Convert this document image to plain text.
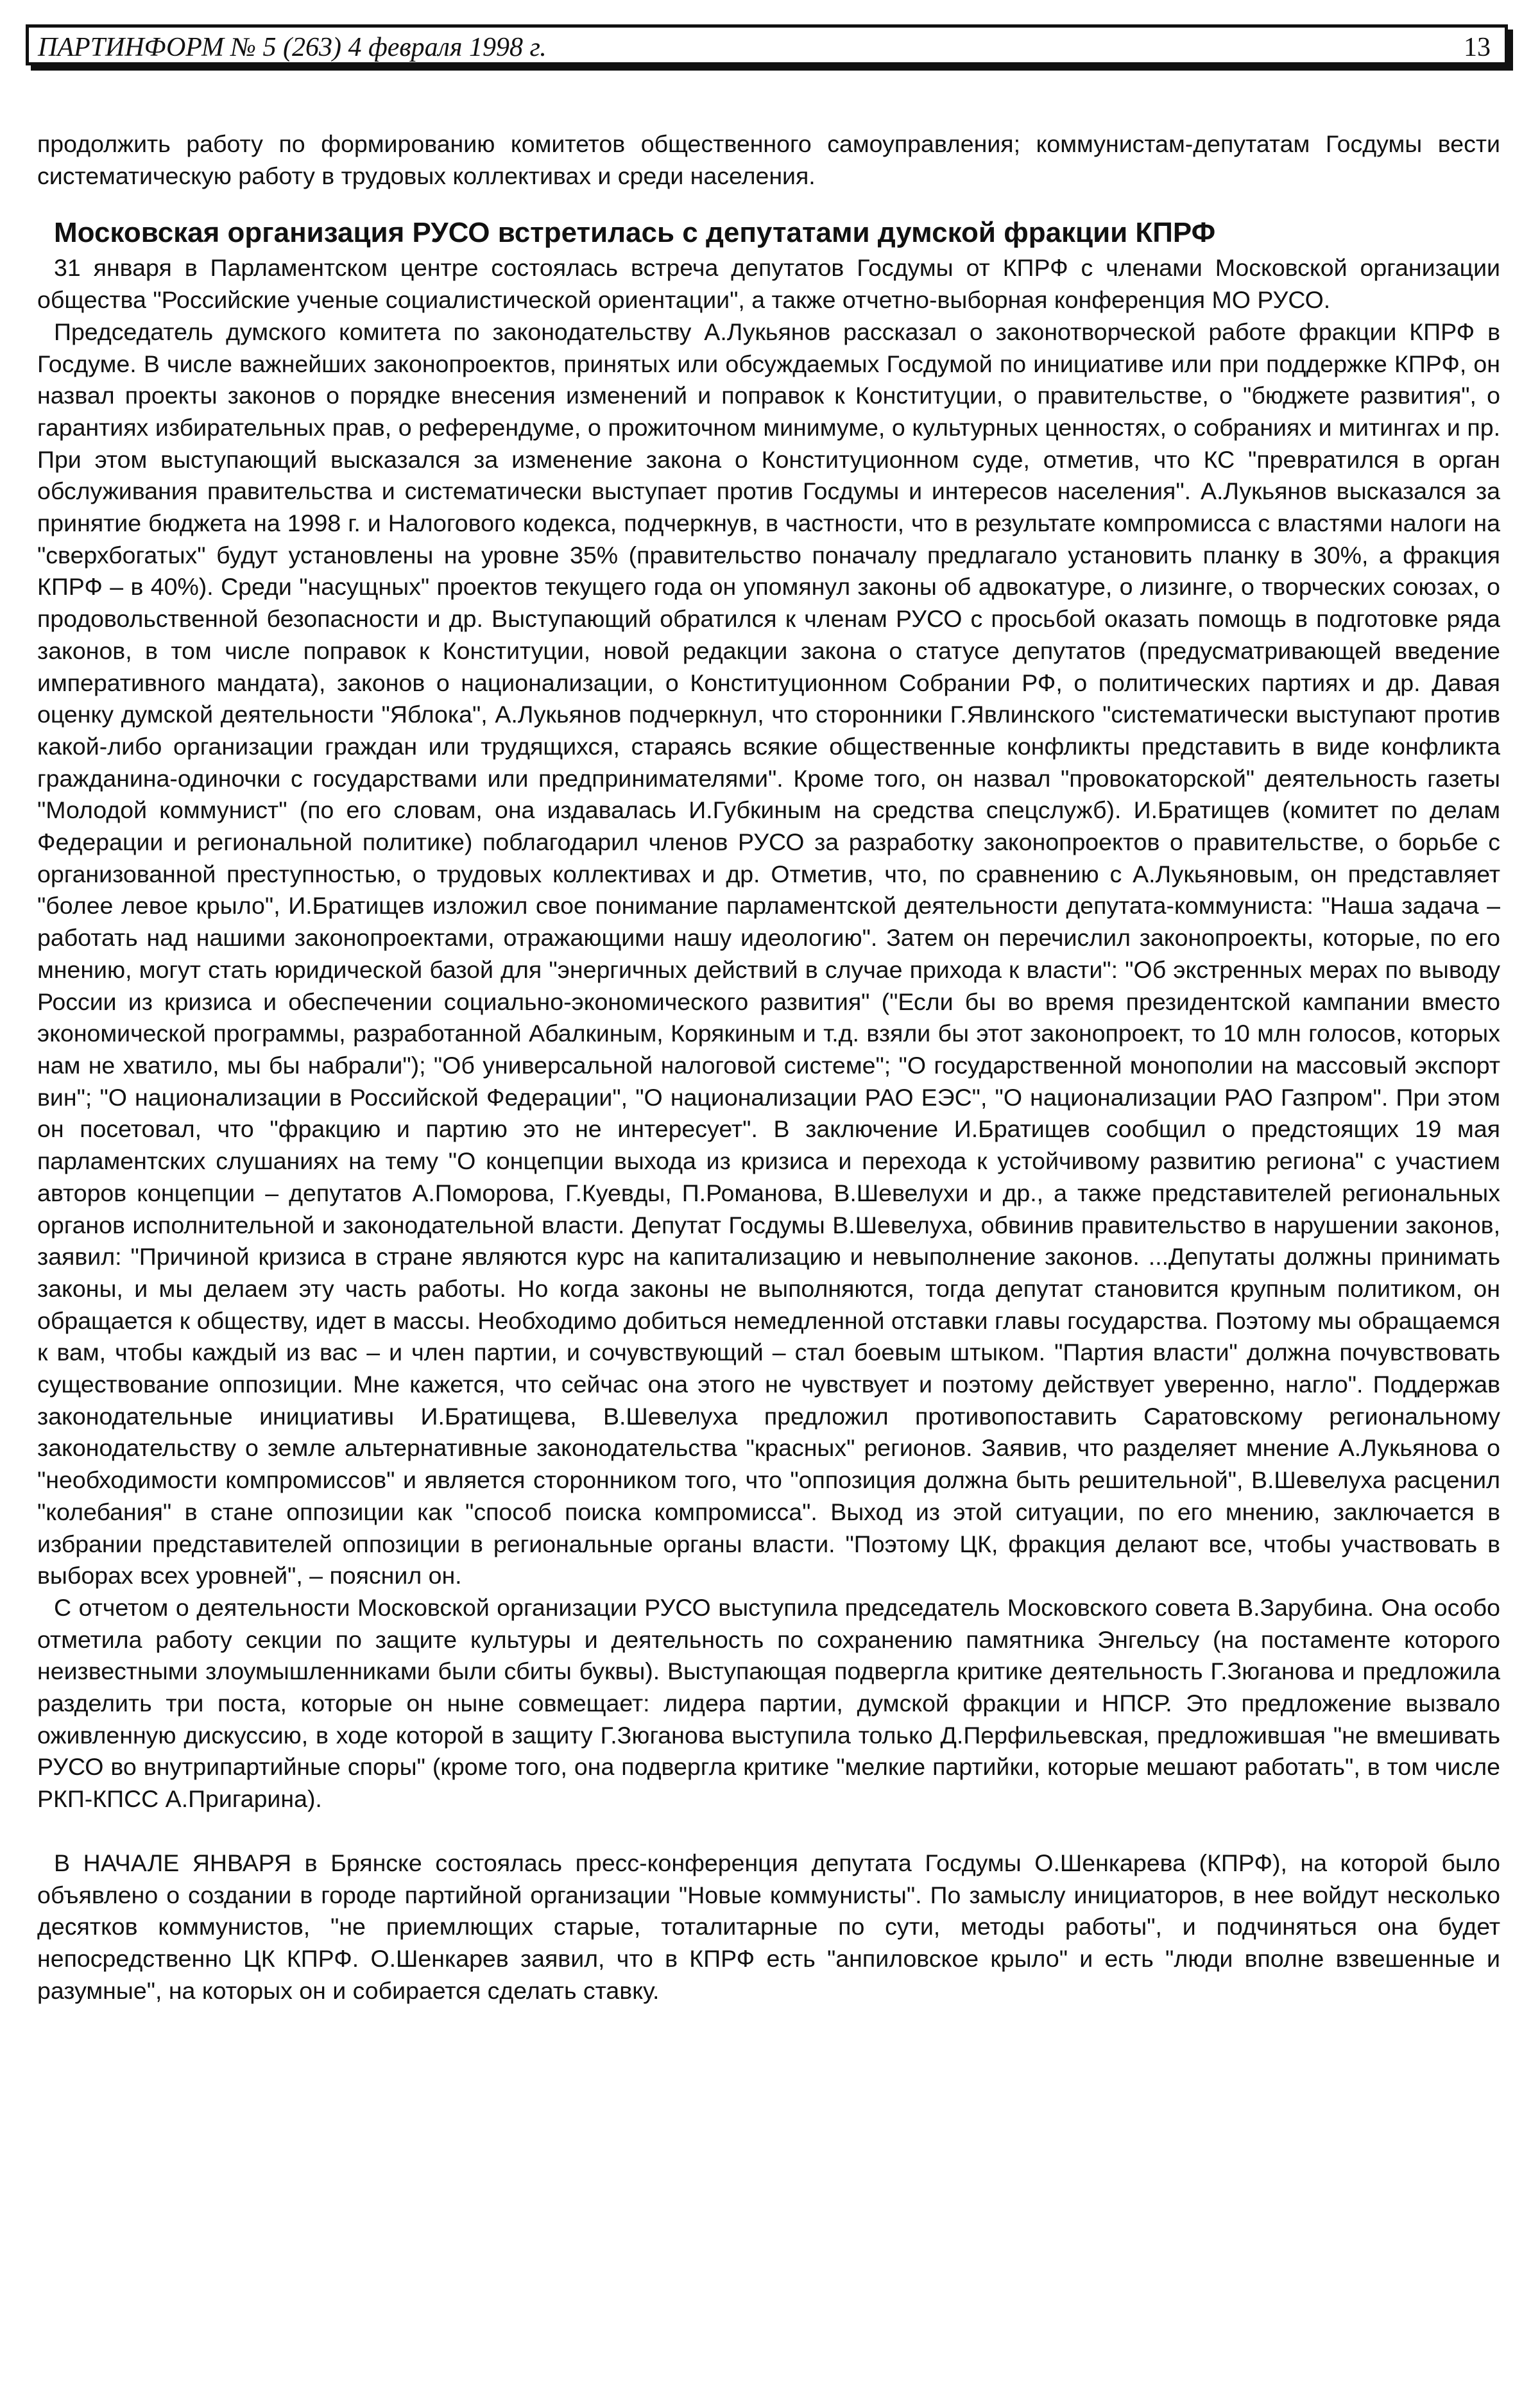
ПАРТИНФОРМ № 5 (263) 4 февраля 1998 г.	13

продолжить работу по формированию комитетов общественного самоуправления; коммунистам-депутатам Госдумы вести систематическую работу в трудовых коллективах и среди населения.

Московская организация РУСО встретилась с депутатами думской фракции КПРФ

31 января в Парламентском центре состоялась встреча депутатов Госдумы от КПРФ с членами Московской организации общества "Российские ученые социалистической ориентации", а также отчетно-выборная конференция МО РУСО.

Председатель думского комитета по законодательству А.Лукьянов рассказал о законотворческой работе фракции КПРФ в Госдуме. В числе важнейших законопроектов, принятых или обсуждаемых Госдумой по инициативе или при поддержке КПРФ, он назвал проекты законов о порядке внесения изменений и поправок к Конституции, о правительстве, о "бюджете развития", о гарантиях избирательных прав, о референдуме, о прожиточном минимуме, о культурных ценностях, о собраниях и митингах и пр. При этом выступающий высказался за изменение закона о Конституционном суде, отметив, что КС "превратился в орган обслуживания правительства и систематически выступает против Госдумы и интересов населения". А.Лукьянов высказался за принятие бюджета на 1998 г. и Налогового кодекса, подчеркнув, в частности, что в результате компромисса с властями налоги на "сверхбогатых" будут установлены на уровне 35% (правительство поначалу предлагало установить планку в 30%, а фракция КПРФ – в 40%). Среди "насущных" проектов текущего года он упомянул законы об адвокатуре, о лизинге, о творческих союзах, о продовольственной безопасности и др. Выступающий обратился к членам РУСО с просьбой оказать помощь в подготовке ряда законов, в том числе поправок к Конституции, новой редакции закона о статусе депутатов (предусматривающей введение императивного мандата), законов о национализации, о Конституционном Собрании РФ, о политических партиях и др. Давая оценку думской деятельности "Яблока", А.Лукьянов подчеркнул, что сторонники Г.Явлинского "систематически выступают против какой-либо организации граждан или трудящихся, стараясь всякие общественные конфликты представить в виде конфликта гражданина-одиночки с государствами или предпринимателями". Кроме того, он назвал "провокаторской" деятельность газеты "Молодой коммунист" (по его словам, она издавалась И.Губкиным на средства спецслужб). И.Братищев (комитет по делам Федерации и региональной политике) поблагодарил членов РУСО за разработку законопроектов о правительстве, о борьбе с организованной преступностью, о трудовых коллективах и др. Отметив, что, по сравнению с А.Лукьяновым, он представляет "более левое крыло", И.Братищев изложил свое понимание парламентской деятельности депутата-коммуниста: "Наша задача – работать над нашими законопроектами, отражающими нашу идеологию". Затем он перечислил законопроекты, которые, по его мнению, могут стать юридической базой для "энергичных действий в случае прихода к власти": "Об экстренных мерах по выводу России из кризиса и обеспечении социально-экономического развития" ("Если бы во время президентской кампании вместо экономической программы, разработанной Абалкиным, Корякиным и т.д. взяли бы этот законопроект, то 10 млн голосов, которых нам не хватило, мы бы набрали"); "Об универсальной налоговой системе"; "О государственной монополии на массовый экспорт вин"; "О национализации в Российской Федерации", "О национализации РАО ЕЭС", "О национализации РАО Газпром". При этом он посетовал, что "фракцию и партию это не интересует". В заключение И.Братищев сообщил о предстоящих 19 мая парламентских слушаниях на тему "О концепции выхода из кризиса и перехода к устойчивому развитию региона" с участием авторов концепции – депутатов А.Поморова, Г.Куевды, П.Романова, В.Шевелухи и др., а также представителей региональных органов исполнительной и законодательной власти. Депутат Госдумы В.Шевелуха, обвинив правительство в нарушении законов, заявил: "Причиной кризиса в стране являются курс на капитализацию и невыполнение законов. ...Депутаты должны принимать законы, и мы делаем эту часть работы. Но когда законы не выполняются, тогда депутат становится крупным политиком, он обращается к обществу, идет в массы. Необходимо добиться немедленной отставки главы государства. Поэтому мы обращаемся к вам, чтобы каждый из вас – и член партии, и сочувствующий – стал боевым штыком. "Партия власти" должна почувствовать существование оппозиции. Мне кажется, что сейчас она этого не чувствует и поэтому действует уверенно, нагло". Поддержав законодательные инициативы И.Братищева, В.Шевелуха предложил противопоставить Саратовскому региональному законодательству о земле альтернативные законодательства "красных" регионов. Заявив, что разделяет мнение А.Лукьянова о "необходимости компромиссов" и является сторонником того, что "оппозиция должна быть решительной", В.Шевелуха расценил "колебания" в стане оппозиции как "способ поиска компромисса". Выход из этой ситуации, по его мнению, заключается в избрании представителей оппозиции в региональные органы власти. "Поэтому ЦК, фракция делают все, чтобы участвовать в выборах всех уровней", – пояснил он.

С отчетом о деятельности Московской организации РУСО выступила председатель Московского совета В.Зарубина. Она особо отметила работу секции по защите культуры и деятельность по сохранению памятника Энгельсу (на постаменте которого неизвестными злоумышленниками были сбиты буквы). Выступающая подвергла критике деятельность Г.Зюганова и предложила разделить три поста, которые он ныне совмещает: лидера партии, думской фракции и НПСР. Это предложение вызвало оживленную дискуссию, в ходе которой в защиту Г.Зюганова выступила только Д.Перфильевская, предложившая "не вмешивать РУСО во внутрипартийные споры" (кроме того, она подвергла критике "мелкие партийки, которые мешают работать", в том числе РКП-КПСС А.Пригарина).

В НАЧАЛЕ ЯНВАРЯ в Брянске состоялась пресс-конференция депутата Госдумы О.Шенкарева (КПРФ), на которой было объявлено о создании в городе партийной организации "Новые коммунисты". По замыслу инициаторов, в нее войдут несколько десятков коммунистов, "не приемлющих старые, тоталитарные по сути, методы работы", и подчиняться она будет непосредственно ЦК КПРФ. О.Шенкарев заявил, что в КПРФ есть "анпиловское крыло" и есть "люди вполне взвешенные и разумные", на которых он и собирается сделать ставку.
